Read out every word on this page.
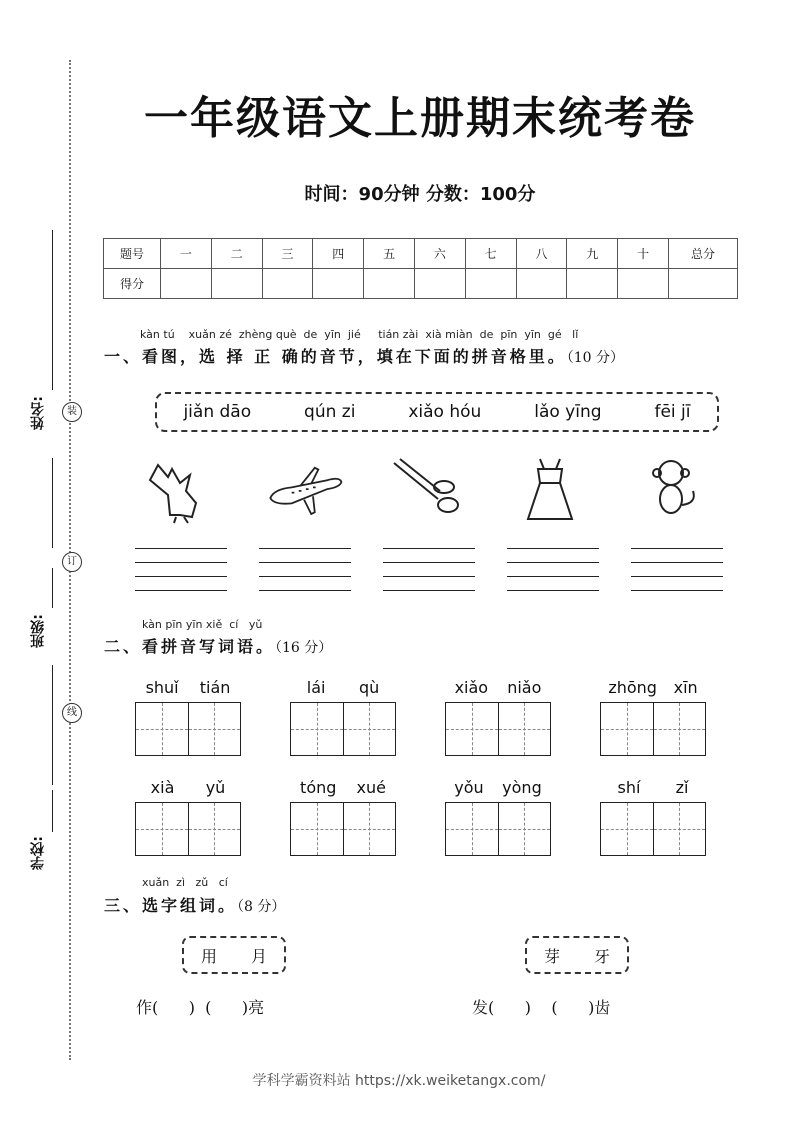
装
订
线
姓名:
班级:
学校:
一年级语文上册期末统考卷
时间：90分钟 分数：100分
题号	一	二	三	四	五	六	七	八	九	十	总分
得分											
kàn tú    xuǎn zé  zhèng què  de  yīn  jié     tián zài  xià miàn  de  pīn  yīn  gé   lǐ
一、看图，选 择 正 确的音节，填在下面的拼音格里。（10 分）
jiǎn dāo	qún zi	xiǎo hóu	lǎo yīng	fēi jī
kàn pīn yīn xiě  cí   yǔ
二、看拼音写词语。（16 分）
shuǐ tián	lái qù	xiǎo niǎo	zhōng xīn
xià yǔ	tóng xué	yǒu yòng	shí zǐ
xuǎn  zì   zǔ   cí
三、选字组词。（8 分）
用 月	芽 牙
作(      )  (      )亮	发(      )    (      )齿
学科学霸资料站 https://xk.weiketangx.com/
